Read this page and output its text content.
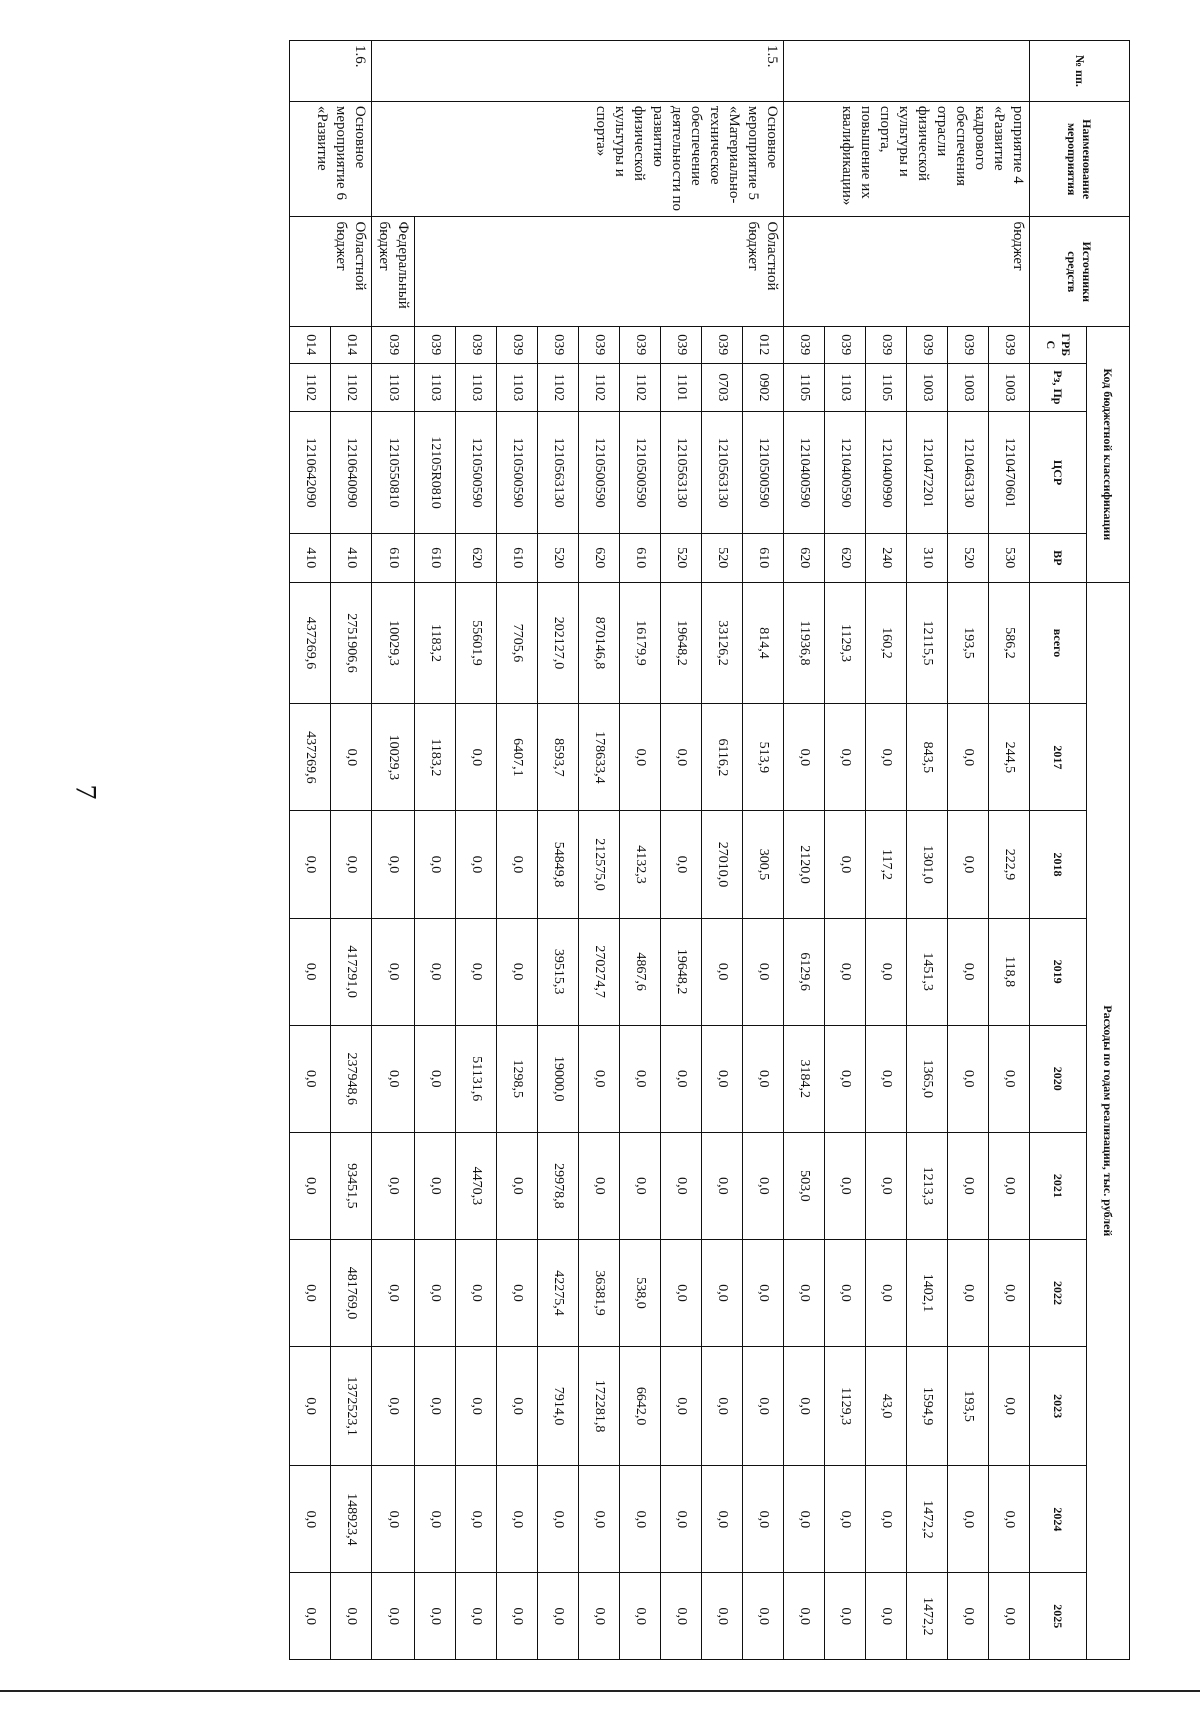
7
№ пп.	Наименование мероприятия	Источники средств	Код бюджетной классификации				Расходы по годам реализации, тыс. рублей									
			ГРБ С	Рз, Пр	ЦСР	ВР	всего	2017	2018	2019	2020	2021	2022	2023	2024	2025
	роприятие 4 «Развитие кадрового обеспечения отрасли физической культуры и спорта, повышение их квалификации»	бюджет	039	1003	1210470601	530	586,2	244,5	222,9	118,8	0,0	0,0	0,0	0,0	0,0	0,0
			039	1003	1210463130	520	193,5	0,0	0,0	0,0	0,0	0,0	0,0	193,5	0,0	0,0
			039	1003	1210472201	310	12115,5	843,5	1301,0	1451,3	1365,0	1213,3	1402,1	1594,9	1472,2	1472,2
			039	1105	1210400990	240	160,2	0,0	117,2	0,0	0,0	0,0	0,0	43,0	0,0	0,0
			039	1103	1210400590	620	1129,3	0,0	0,0	0,0	0,0	0,0	0,0	1129,3	0,0	0,0
			039	1105	1210400590	620	11936,8	0,0	2120,0	6129,6	3184,2	503,0	0,0	0,0	0,0	0,0
1.5.	Основное мероприятие 5 «Материально-техническое обеспечение деятельности по развитию физической культуры и спорта»	Областной бюджет	012	0902	1210500590	610	814,4	513,9	300,5	0,0	0,0	0,0	0,0	0,0	0,0	0,0
			039	0703	1210563130	520	33126,2	6116,2	27010,0	0,0	0,0	0,0	0,0	0,0	0,0	0,0
			039	1101	1210563130	520	19648,2	0,0	0,0	19648,2	0,0	0,0	0,0	0,0	0,0	0,0
			039	1102	1210500590	610	16179,9	0,0	4132,3	4867,6	0,0	0,0	538,0	6642,0	0,0	0,0
			039	1102	1210500590	620	870146,8	178633,4	212575,0	270274,7	0,0	0,0	36381,9	172281,8	0,0	0,0
			039	1102	1210563130	520	202127,0	8593,7	54849,8	39515,3	19000,0	29978,8	42275,4	7914,0	0,0	0,0
			039	1103	1210500590	610	7705,6	6407,1	0,0	0,0	1298,5	0,0	0,0	0,0	0,0	0,0
			039	1103	1210500590	620	55601,9	0,0	0,0	0,0	51131,6	4470,3	0,0	0,0	0,0	0,0
			039	1103	12105R0810	610	1183,2	1183,2	0,0	0,0	0,0	0,0	0,0	0,0	0,0	0,0
		Федеральный бюджет	039	1103	1210550810	610	10029,3	10029,3	0,0	0,0	0,0	0,0	0,0	0,0	0,0	0,0
1.6.	Основное мероприятие 6 «Развитие	Областной бюджет	014	1102	1210640090	410	2751906,6	0,0	0,0	417291,0	237948,6	93451,5	481769,0	1372523,1	148923,4	0,0
			014	1102	1210642090	410	437269,6	437269,6	0,0	0,0	0,0	0,0	0,0	0,0	0,0	0,0
